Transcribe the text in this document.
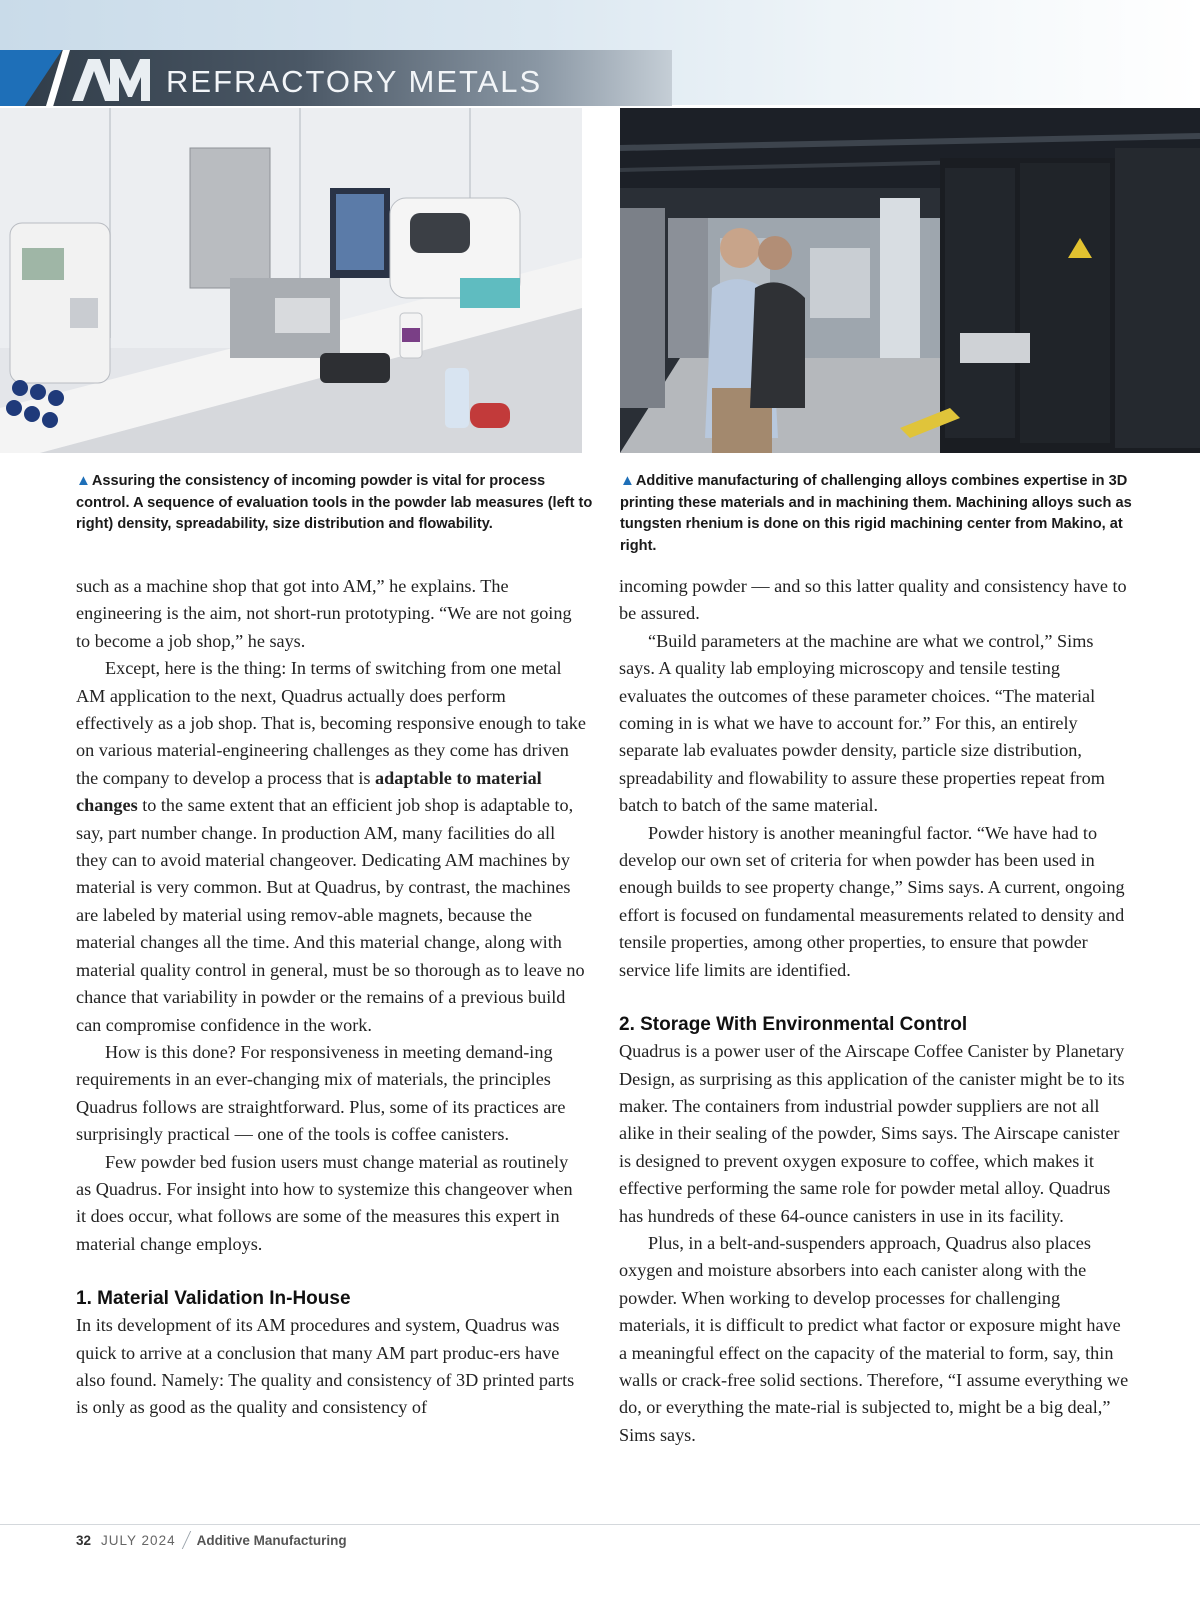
REFRACTORY METALS
▲Assuring the consistency of incoming powder is vital for process control. A sequence of evaluation tools in the powder lab measures (left to right) density, spreadability, size distribution and flowability.
▲Additive manufacturing of challenging alloys combines expertise in 3D printing these materials and in machining them. Machining alloys such as tungsten rhenium is done on this rigid machining center from Makino, at right.

such as a machine shop that got into AM,” he explains. The engineering is the aim, not short-run prototyping. “We are not going to become a job shop,” he says.

Except, here is the thing: In terms of switching from one metal AM application to the next, Quadrus actually does perform effectively as a job shop. That is, becoming responsive enough to take on various material-engineering challenges as they come has driven the company to develop a process that is adaptable to material changes to the same extent that an efficient job shop is adaptable to, say, part number change. In production AM, many facilities do all they can to avoid material changeover. Dedicating AM machines by material is very common. But at Quadrus, by contrast, the machines are labeled by material using remov-able magnets, because the material changes all the time. And this material change, along with material quality control in general, must be so thorough as to leave no chance that variability in powder or the remains of a previous build can compromise confidence in the work.

How is this done? For responsiveness in meeting demand-ing requirements in an ever-changing mix of materials, the principles Quadrus follows are straightforward. Plus, some of its practices are surprisingly practical — one of the tools is coffee canisters.

Few powder bed fusion users must change material as routinely as Quadrus. For insight into how to systemize this changeover when it does occur, what follows are some of the measures this expert in material change employs.

1. Material Validation In-House

In its development of its AM procedures and system, Quadrus was quick to arrive at a conclusion that many AM part produc-ers have also found. Namely: The quality and consistency of 3D printed parts is only as good as the quality and consistency of

incoming powder — and so this latter quality and consistency have to be assured.

“Build parameters at the machine are what we control,” Sims says. A quality lab employing microscopy and tensile testing evaluates the outcomes of these parameter choices. “The material coming in is what we have to account for.” For this, an entirely separate lab evaluates powder density, particle size distribution, spreadability and flowability to assure these properties repeat from batch to batch of the same material.

Powder history is another meaningful factor. “We have had to develop our own set of criteria for when powder has been used in enough builds to see property change,” Sims says. A current, ongoing effort is focused on fundamental measurements related to density and tensile properties, among other properties, to ensure that powder service life limits are identified.

2. Storage With Environmental Control

Quadrus is a power user of the Airscape Coffee Canister by Planetary Design, as surprising as this application of the canister might be to its maker. The containers from industrial powder suppliers are not all alike in their sealing of the powder, Sims says. The Airscape canister is designed to prevent oxygen exposure to coffee, which makes it effective performing the same role for powder metal alloy. Quadrus has hundreds of these 64-ounce canisters in use in its facility.

Plus, in a belt-and-suspenders approach, Quadrus also places oxygen and moisture absorbers into each canister along with the powder. When working to develop processes for challenging materials, it is difficult to predict what factor or exposure might have a meaningful effect on the capacity of the material to form, say, thin walls or crack-free solid sections. Therefore, “I assume everything we do, or everything the mate-rial is subjected to, might be a big deal,” Sims says.

32 JULY 2024 Additive Manufacturing
